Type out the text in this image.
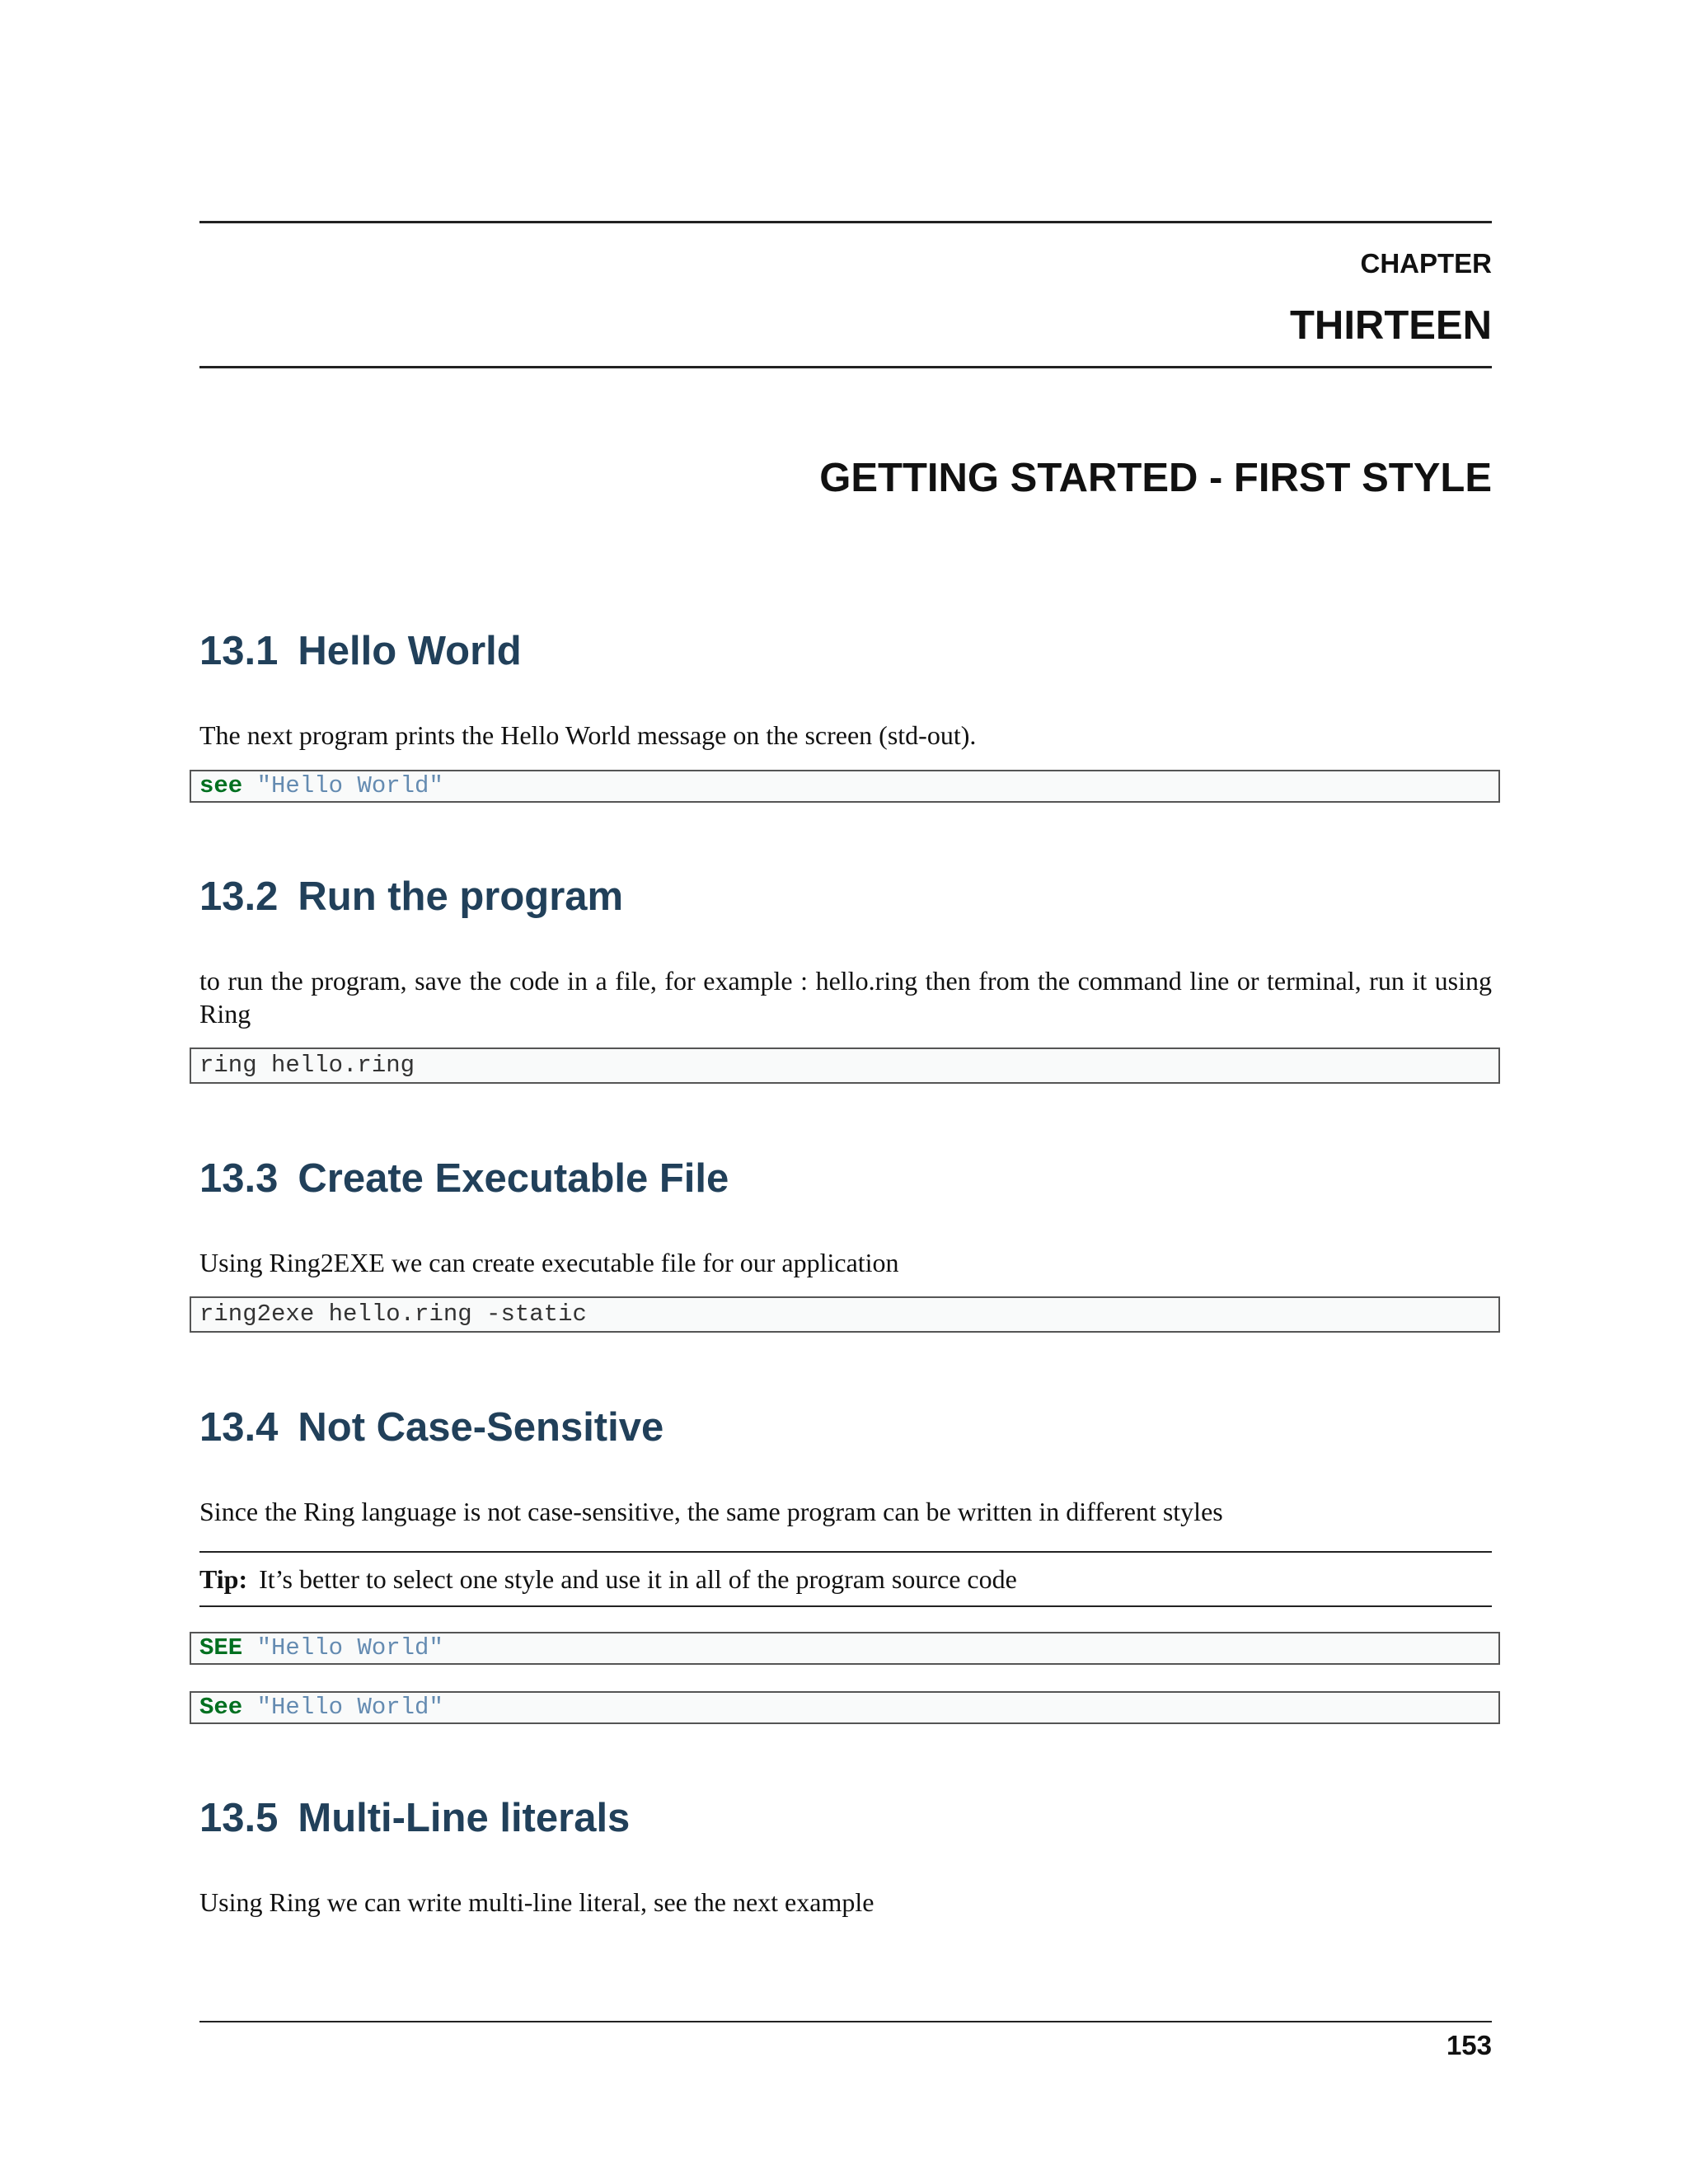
CHAPTER
THIRTEEN
GETTING STARTED - FIRST STYLE
13.1 Hello World
The next program prints the Hello World message on the screen (std-out).
see "Hello World"
13.2 Run the program
to run the program, save the code in a file, for example : hello.ring then from the command line or terminal, run it using Ring
ring hello.ring
13.3 Create Executable File
Using Ring2EXE we can create executable file for our application
ring2exe hello.ring -static
13.4 Not Case-Sensitive
Since the Ring language is not case-sensitive, the same program can be written in different styles
Tip: It’s better to select one style and use it in all of the program source code
SEE "Hello World"
See "Hello World"
13.5 Multi-Line literals
Using Ring we can write multi-line literal, see the next example
153
